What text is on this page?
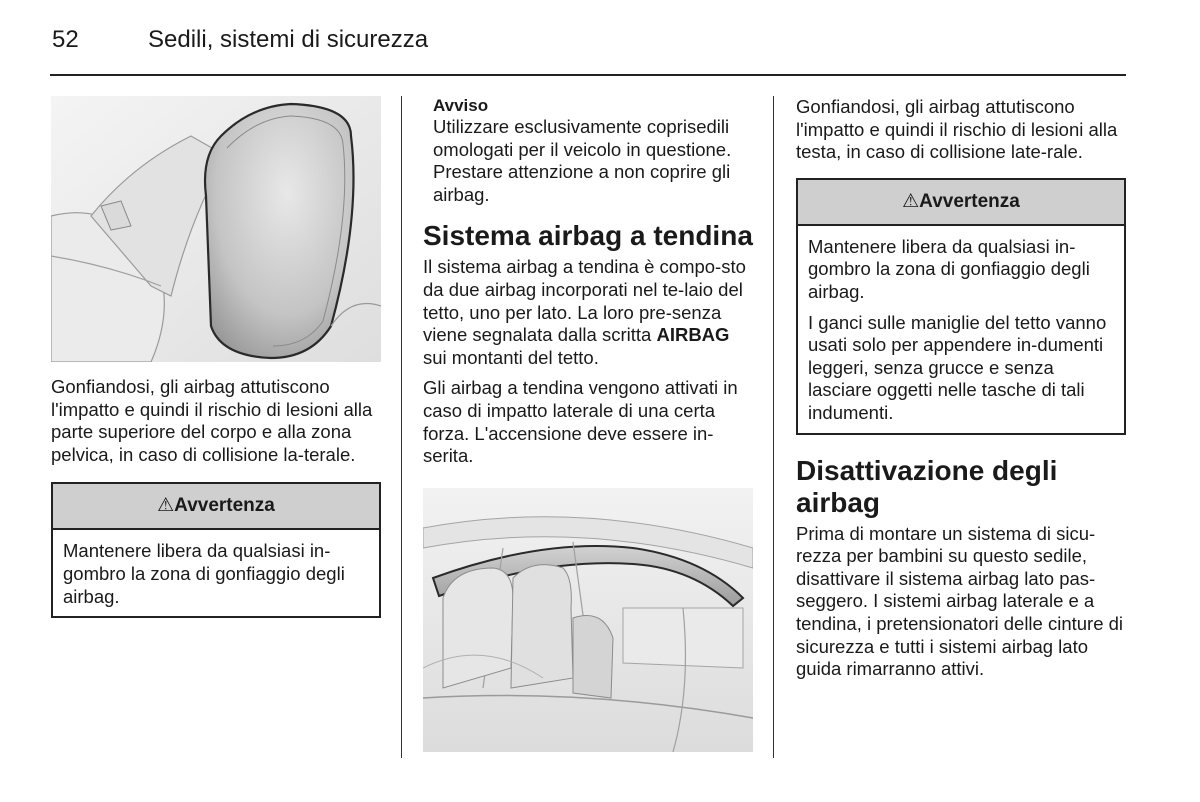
52	Sedili, sistemi di sicurezza

Gonfiandosi, gli airbag attutiscono l'impatto e quindi il rischio di lesioni alla parte superiore del corpo e alla zona pelvica, in caso di collisione la-terale.

⚠Avvertenza

Mantenere libera da qualsiasi in-gombro la zona di gonfiaggio degli airbag.

Avviso

Utilizzare esclusivamente coprisedili omologati per il veicolo in questione. Prestare attenzione a non coprire gli airbag.

Sistema airbag a tendina

Il sistema airbag a tendina è compo-sto da due airbag incorporati nel te-laio del tetto, uno per lato. La loro pre-senza viene segnalata dalla scritta AIRBAG sui montanti del tetto.

Gli airbag a tendina vengono attivati in caso di impatto laterale di una certa forza. L'accensione deve essere in-serita.

Gonfiandosi, gli airbag attutiscono l'impatto e quindi il rischio di lesioni alla testa, in caso di collisione late-rale.

⚠Avvertenza

Mantenere libera da qualsiasi in-gombro la zona di gonfiaggio degli airbag.

I ganci sulle maniglie del tetto vanno usati solo per appendere in-dumenti leggeri, senza grucce e senza lasciare oggetti nelle tasche di tali indumenti.

Disattivazione degli airbag

Prima di montare un sistema di sicu-rezza per bambini su questo sedile, disattivare il sistema airbag lato pas-seggero. I sistemi airbag laterale e a tendina, i pretensionatori delle cinture di sicurezza e tutti i sistemi airbag lato guida rimarranno attivi.
